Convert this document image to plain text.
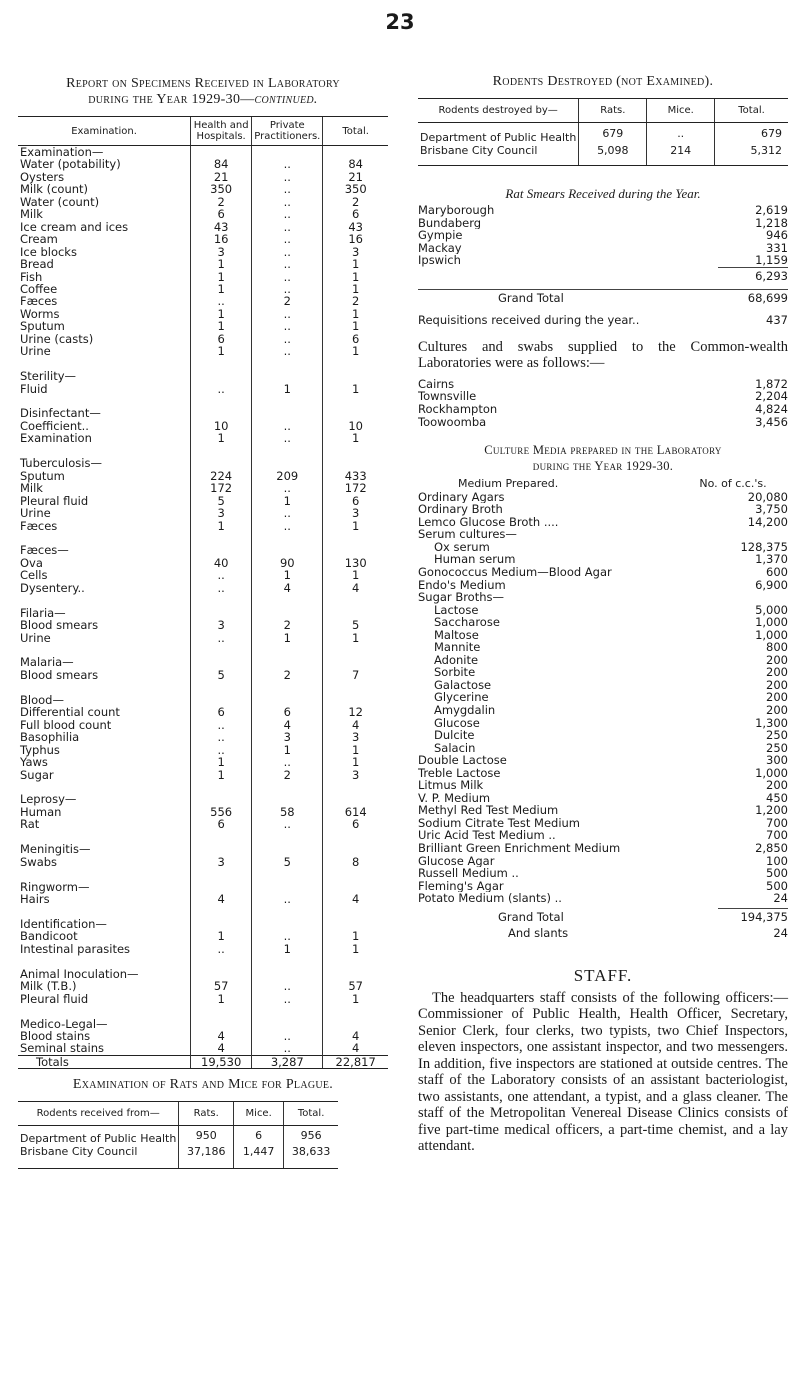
23
Report on Specimens Received in Laboratory
during the Year 1929-30—continued.
Examination.	Health and Hospitals.	Private Practitioners.	Total.
Examination—			
Water (potability)	84	..	84
Oysters	21	..	21
Milk (count)	350	..	350
Water (count)	2	..	2
Milk	6	..	6
Ice cream and ices	43	..	43
Cream	16	..	16
Ice blocks	3	..	3
Bread	1	..	1
Fish	1	..	1
Coffee	1	..	1
Fæces	..	2	2
Worms	1	..	1
Sputum	1	..	1
Urine (casts)	6	..	6
Urine	1	..	1

Sterility—			
Fluid	..	1	1

Disinfectant—			
Coefficient..	10	..	10
Examination	1	..	1

Tuberculosis—			
Sputum	224	209	433
Milk	172	..	172
Pleural fluid	5	1	6
Urine	3	..	3
Fæces	1	..	1

Fæces—			
Ova	40	90	130
Cells	..	1	1
Dysentery..	..	4	4

Filaria—			
Blood smears	3	2	5
Urine	..	1	1

Malaria—			
Blood smears	5	2	7

Blood—			
Differential count	6	6	12
Full blood count	..	4	4
Basophilia	..	3	3
Typhus	..	1	1
Yaws	1	..	1
Sugar	1	2	3

Leprosy—			
Human	556	58	614
Rat	6	..	6

Meningitis—			
Swabs	3	5	8

Ringworm—			
Hairs	4	..	4

Identification—			
Bandicoot	1	..	1
Intestinal parasites	..	1	1

Animal Inoculation—			
Milk (T.B.)	57	..	57
Pleural fluid	1	..	1

Medico-Legal—			
Blood stains	4	..	4
Seminal stains	4	..	4
Totals	19,530	3,287	22,817
Examination of Rats and Mice for Plague.
Rodents received from—	Rats.	Mice.	Total.
Department of Public Health	950	6	956
Brisbane City Council	37,186	1,447	38,633

Rodents Destroyed (not Examined).
Rodents destroyed by—	Rats.	Mice.	Total.
Department of Public Health	679	..	679
Brisbane City Council	5,098	214	5,312

Rat Smears Received during the Year.
Maryborough	2,619
Bundaberg	1,218
Gympie	946
Mackay	331
Ipswich	1,159
6,293
Grand Total	68,699
Requisitions received during the year..	437
Cultures and swabs supplied to the Common-wealth Laboratories were as follows:—
Cairns	1,872
Townsville	2,204
Rockhampton	4,824
Toowoomba	3,456
Culture Media prepared in the Laboratory
during the Year 1929-30.
Medium Prepared.	No. of c.c.'s.
Ordinary Agars	20,080
Ordinary Broth	3,750
Lemco Glucose Broth ....	14,200
Serum cultures—
Ox serum	128,375
Human serum	1,370
Gonococcus Medium—Blood Agar	600
Endo's Medium	6,900
Sugar Broths—
Lactose	5,000
Saccharose	1,000
Maltose	1,000
Mannite	800
Adonite	200
Sorbite	200
Galactose	200
Glycerine	200
Amygdalin	200
Glucose	1,300
Dulcite	250
Salacin	250
Double Lactose	300
Treble Lactose	1,000
Litmus Milk	200
V. P. Medium	450
Methyl Red Test Medium	1,200
Sodium Citrate Test Medium	700
Uric Acid Test Medium ..	700
Brilliant Green Enrichment Medium	2,850
Glucose Agar	100
Russell Medium ..	500
Fleming's Agar	500
Potato Medium (slants) ..	24
Grand Total	194,375
And slants	24
STAFF.
The headquarters staff consists of the following officers:—Commissioner of Public Health, Health Officer, Secretary, Senior Clerk, four clerks, two typists, two Chief Inspectors, eleven inspectors, one assistant inspector, and two messengers. In addition, five inspectors are stationed at outside centres. The staff of the Laboratory consists of an assistant bacteriologist, two assistants, one attendant, a typist, and a glass cleaner. The staff of the Metropolitan Venereal Disease Clinics consists of five part-time medical officers, a part-time chemist, and a lay attendant.
